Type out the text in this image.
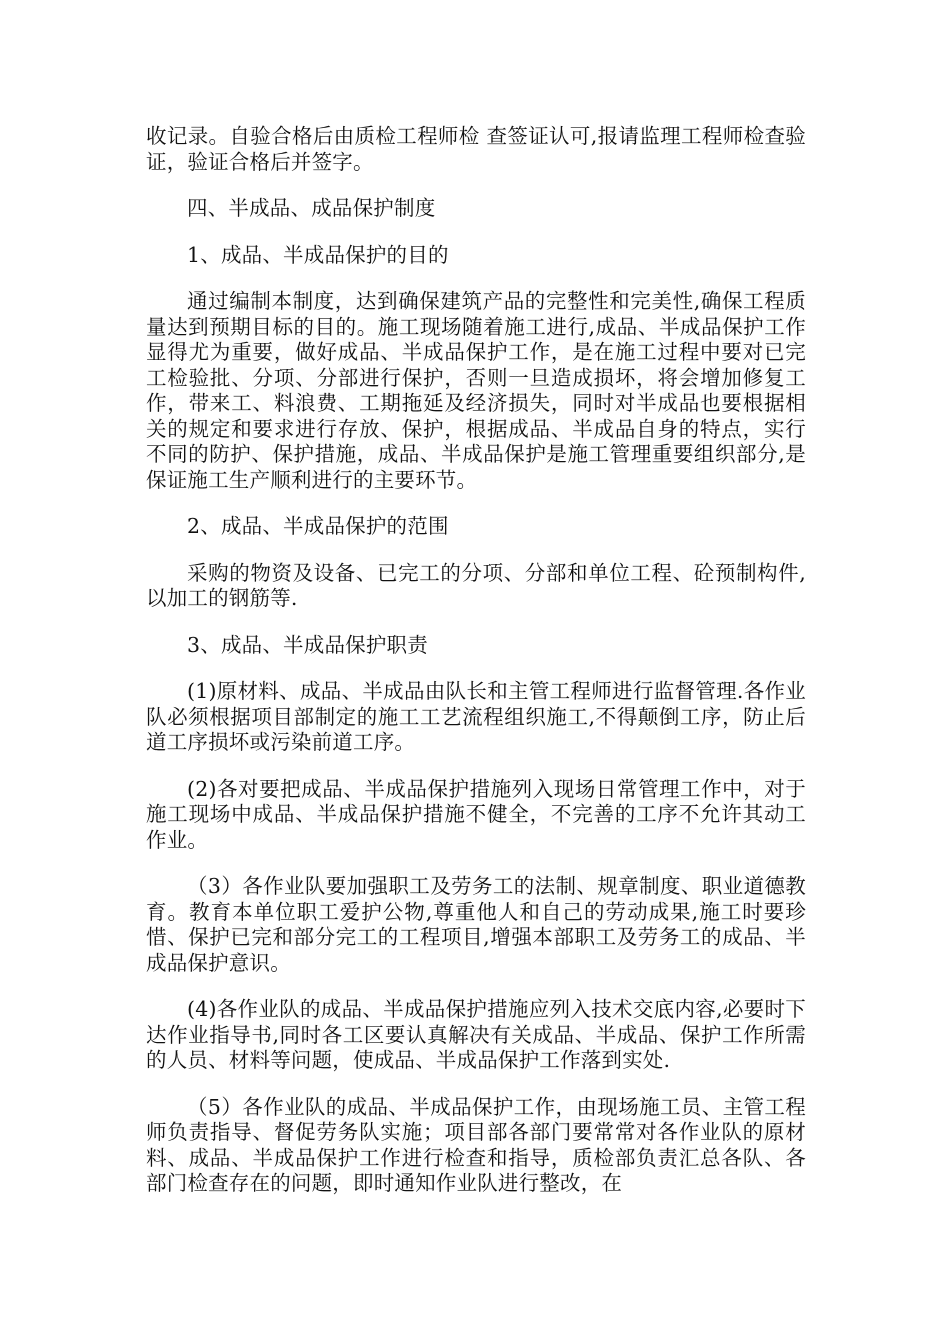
收记录。自验合格后由质检工程师检 查签证认可,报请监理工程师检查验证，验证合格后并签字。

四、半成品、成品保护制度

1、成品、半成品保护的目的

通过编制本制度，达到确保建筑产品的完整性和完美性,确保工程质量达到预期目标的目的。施工现场随着施工进行,成品、半成品保护工作显得尤为重要，做好成品、半成品保护工作，是在施工过程中要对已完工检验批、分项、分部进行保护，否则一旦造成损坏，将会增加修复工作，带来工、料浪费、工期拖延及经济损失，同时对半成品也要根据相关的规定和要求进行存放、保护，根据成品、半成品自身的特点，实行不同的防护、保护措施，成品、半成品保护是施工管理重要组织部分,是保证施工生产顺利进行的主要环节。

2、成品、半成品保护的范围

采购的物资及设备、已完工的分项、分部和单位工程、砼预制构件,以加工的钢筋等.

3、成品、半成品保护职责

(1)原材料、成品、半成品由队长和主管工程师进行监督管理.各作业队必须根据项目部制定的施工工艺流程组织施工,不得颠倒工序，防止后道工序损坏或污染前道工序。

(2)各对要把成品、半成品保护措施列入现场日常管理工作中，对于施工现场中成品、半成品保护措施不健全，不完善的工序不允许其动工作业。

（3）各作业队要加强职工及劳务工的法制、规章制度、职业道德教育。教育本单位职工爱护公物,尊重他人和自己的劳动成果,施工时要珍惜、保护已完和部分完工的工程项目,增强本部职工及劳务工的成品、半成品保护意识。

(4)各作业队的成品、半成品保护措施应列入技术交底内容,必要时下达作业指导书,同时各工区要认真解决有关成品、半成品、保护工作所需的人员、材料等问题，使成品、半成品保护工作落到实处.

（5）各作业队的成品、半成品保护工作，由现场施工员、主管工程师负责指导、督促劳务队实施；项目部各部门要常常对各作业队的原材料、成品、半成品保护工作进行检查和指导，质检部负责汇总各队、各部门检查存在的问题，即时通知作业队进行整改，在
